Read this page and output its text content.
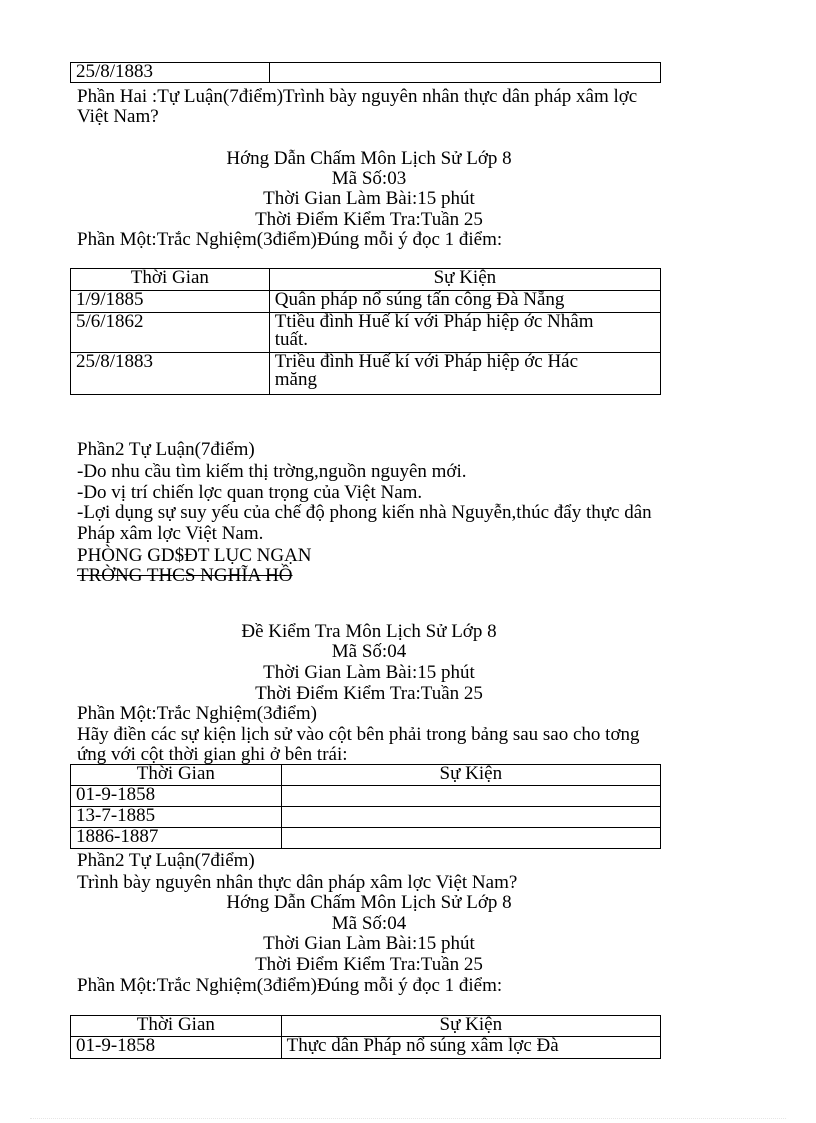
25/8/1883	

Phần Hai :Tự Luận(7điểm)Trình bày nguyên nhân thực dân pháp xâm lợc

Việt Nam?

Hớng Dẫn Chấm Môn Lịch Sử Lớp 8

Mã Số:03

Thời Gian Làm Bài:15 phút

Thời Điểm Kiểm Tra:Tuần 25

Phần Một:Trắc Nghiệm(3điểm)Đúng mỗi ý đọc 1 điểm:

Thời Gian	Sự Kiện
1/9/1885	Quân pháp nổ súng tấn công Đà Nẵng
5/6/1862	Ttiều đình Huế kí với Pháp hiệp ớc Nhâm
tuất.

25/8/1883	Triều đình Huế kí với Pháp hiệp ớc Hác
măng

Phần2 Tự Luận(7điểm)

-Do nhu cầu tìm kiếm thị trờng,nguồn nguyên mới.

-Do vị trí chiến lợc quan trọng của Việt Nam.

-Lợi dụng sự suy yếu của chế độ phong kiến nhà Nguyễn,thúc đẩy thực dân

Pháp xâm lợc Việt Nam.

PHÒNG GD$ĐT LỤC NGẠN

TRỜNG THCS NGHĨA HỒ

Đề Kiểm Tra Môn Lịch Sử Lớp 8

Mã Số:04

Thời Gian Làm Bài:15 phút

Thời Điểm Kiểm Tra:Tuần 25

Phần Một:Trắc Nghiệm(3điểm)

Hãy điền các sự kiện lịch sử vào cột bên phải trong bảng sau sao cho tơng

ứng với cột thời gian ghi ở bên trái:

Thời Gian	Sự Kiện
01-9-1858	
13-7-1885	
1886-1887	

Phần2 Tự Luận(7điểm)

Trình bày nguyên nhân thực dân pháp xâm lợc Việt Nam?

Hớng Dẫn Chấm Môn Lịch Sử Lớp 8

Mã Số:04

Thời Gian Làm Bài:15 phút

Thời Điểm Kiểm Tra:Tuần 25

Phần Một:Trắc Nghiệm(3điểm)Đúng mỗi ý đọc 1 điểm:

Thời Gian	Sự Kiện
01-9-1858	Thực dân Pháp nổ súng xâm lợc Đà
